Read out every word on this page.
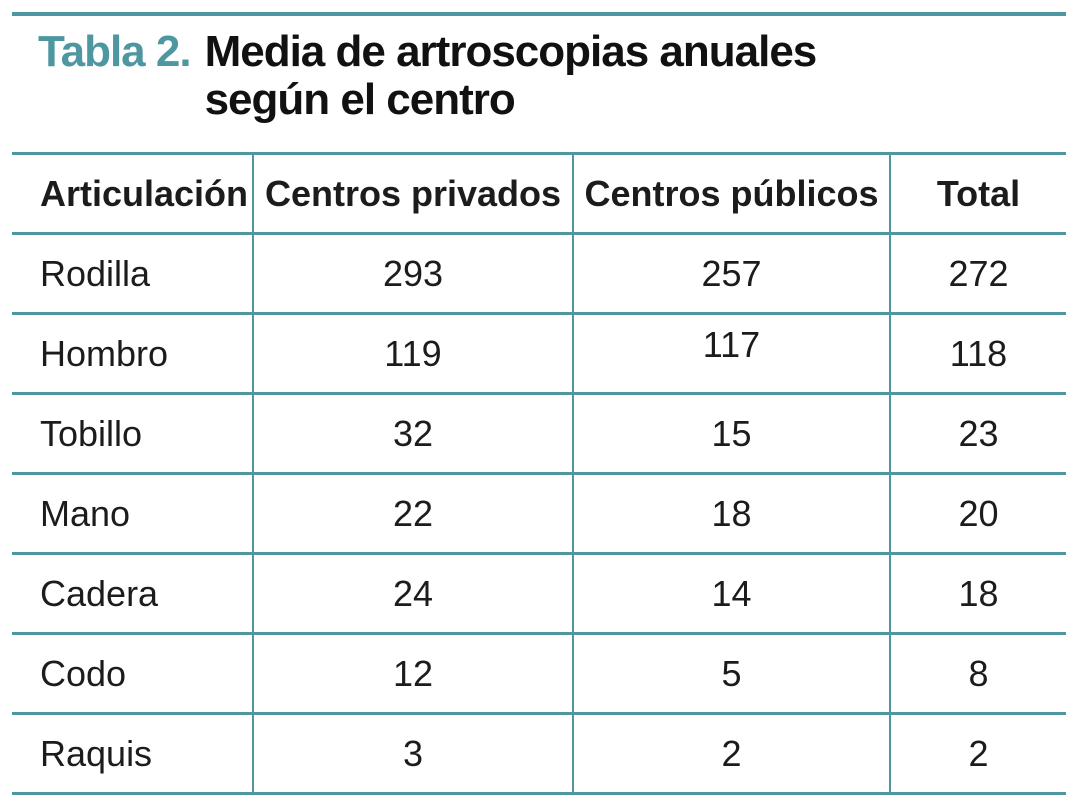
Tabla 2. Media de artroscopias anuales
según el centro
Articulación	Centros privados	Centros públicos	Total
Rodilla	293	257	272
Hombro	119	117	118
Tobillo	32	15	23
Mano	22	18	20
Cadera	24	14	18
Codo	12	5	8
Raquis	3	2	2
